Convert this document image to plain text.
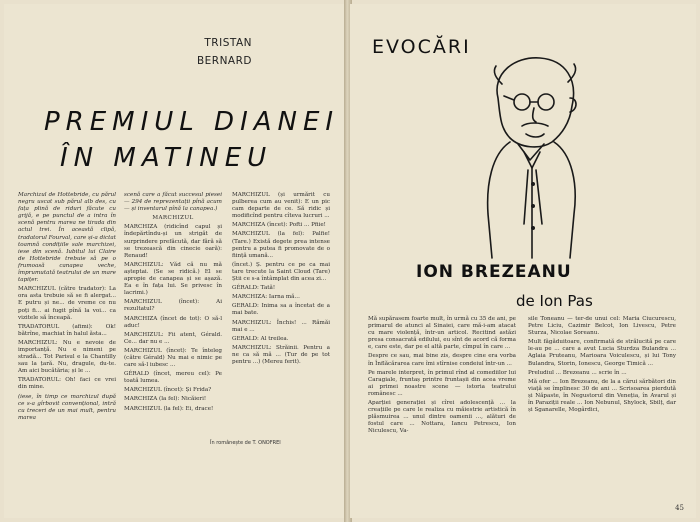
TRISTAN
BERNARD
PREMIUL DIANEI
ÎN MATINEU

Marchizul de Hottebride, cu părul negru uscat sub părul alb des, cu fața plină de riduri făcute cu grijă, e pe punctul de a intra în scenă pentru marea ne tirada din actul trei. În această clipă, tradatorul Fourval, care și-a dictat toamnă condițiile sale marchizei, iese din scenă. Iubitul lui Claire de Hottebride trebuie să pe o frumoasă canapea veche, împrumutată teatrului de un mare tapițer.

MARCHIZUL (către tradator): La ora asta trebuie să se fi alergat... E putru și ne... de vreme ce nu poți fi... ai fugit pînă la voi... ca vizitele să înceapă.

TRADATORUL (afimi): Ok! bătrîne, machiat în halul ăsta...

MARCHIZUL: Nu e nevoie de importanță. Nu e nimeni pe stradă... Tot Parisul e la Chantilly sau la țară. Nu, dragule, du-te. Am aici bucătăria; și le ...

TRADATORUL: Oh! faci ce vrei din mine.

(iese, în timp ce marchizul după ce s-a gîrbovit convențional, intră cu treceri de un mai mult, pentru marea

scenă care a făcut succesul piesei — 294 de reprezentații pînă acum — și inventarul pînă la canapea.)

MARCHIZUL

MARCHIZA (ridicînd capul și îndepărtîndu-și un strigăt de surprindere prefăcută, dar fără să se trezească din cinecie oară): Renaud!

MARCHIZUL: Văd că nu mă așteptai. (Se se ridică.) El se apropie de canapea și se așază. Ea e în fața lui. Se privesc în lacrimi.)

MARCHIZUL (încet): Ai rezultatul?

MARCHIZA (încet de tot): O să-l aduc!

MARCHIZUL: Fii atent, Gérald. Ce... dar nu e ...

MARCHIZUL (încet): Te înteleg (către Gérald) Nu mai e nimic pe care să-l iubesc ...

GÉRALD (încet, mereu cel): Pe toată lumea.

MARCHIZUL (încet): Și Frida?

MARCHIZA (la fel): Nicăieri!

MARCHIZUL (la fel): Ei, drace!

MARCHIZUL (și urmărit cu pulberea cum au venit): E un pic cam departe de ce. Să ridic și modificînd pentru cîteva lucruri ...

MARCHIZA (încet): Pofti ... Pfiie!

MARCHIZUL (la fel): Palfie! (Tare.) Există degete prea intense pentru a putea fi promovate de o ființă umană...

(încet.) Ș. pentru ce pe ca mai tare trecute la Saint Cloud (Tare) Știi ce s-a întâmplat din acea zi...

GÉRALD: Tată!

MARCHIZA: Iarna mă...

GERALD: Inima sa a încetat de a mai bate.

MARCHIZUL: Închis! ... Rămăi mai e ...

GERALD: Al treilea.

MARCHIZUL: Străinii. Pentru a ne ca să mă ... (Tur de pe tot pentru ...) (Mereu ferit).

În românește de T. ONOFREI
EVOCĂRI
ION BREZEANU
de Ion Pas

Mă supărasem foarte mult, în urmă cu 35 de ani, pe primarul de atunci al Sinaiei, care mă-i-am atacat cu mare violență, într-un articol. Recitind astăzi presa consacrată edilului, eu sînt de acord că forma e, care este, dar pe el altă parte, cîmpul în care ...

Despre ce sau, mai bine zis, despre cine era vorba în Înflăcărarea care îmi stîrnise condeiul într-un ...

Pe marele interpret, în primul rînd al comediilor lui Caragiale, fruntaș printre fruntașii din acea vreme ai primei noastre scene — istoria teatrului românesc ...

Aparției generației și cîrei adolescență ... la creațiile pe care le realiza cu măiestrie artistică în plăsmuirea ... unul dintre oamenii ..., alături de fostul care ... Nottara, Iancu Petrescu, Ion Niculescu, Va-

sile Toneanu — ter-de unui cel: Maria Ciucurescu, Petre Liciu, Cazimir Belcot, Ion Livescu, Petre Sturza, Nicolae Soreanu.

Mult făgăduitoare, confirmată de strălucită pe care le-au pe ... care a avut Lucia Sturdza Bulandra ... Aglaia Pruteanu, Marioara Voiculescu, și lui Tony Bulandra, Storin, Ionescu, George Timică ...

Preludiul ... Brezeanu ... scrie în ...

Mă ofer ... Ion Brezeanu, de la a cărui sărbători din viață se împlinesc 30 de ani ... Scrisoarea pierdută și Năpaste, în Negustorul din Veneția, în Avarul și în Paraziții reale ... Ion Nebunul, Shylock, Sbilț, dar și Sganarelle, Mogârdici,

45
